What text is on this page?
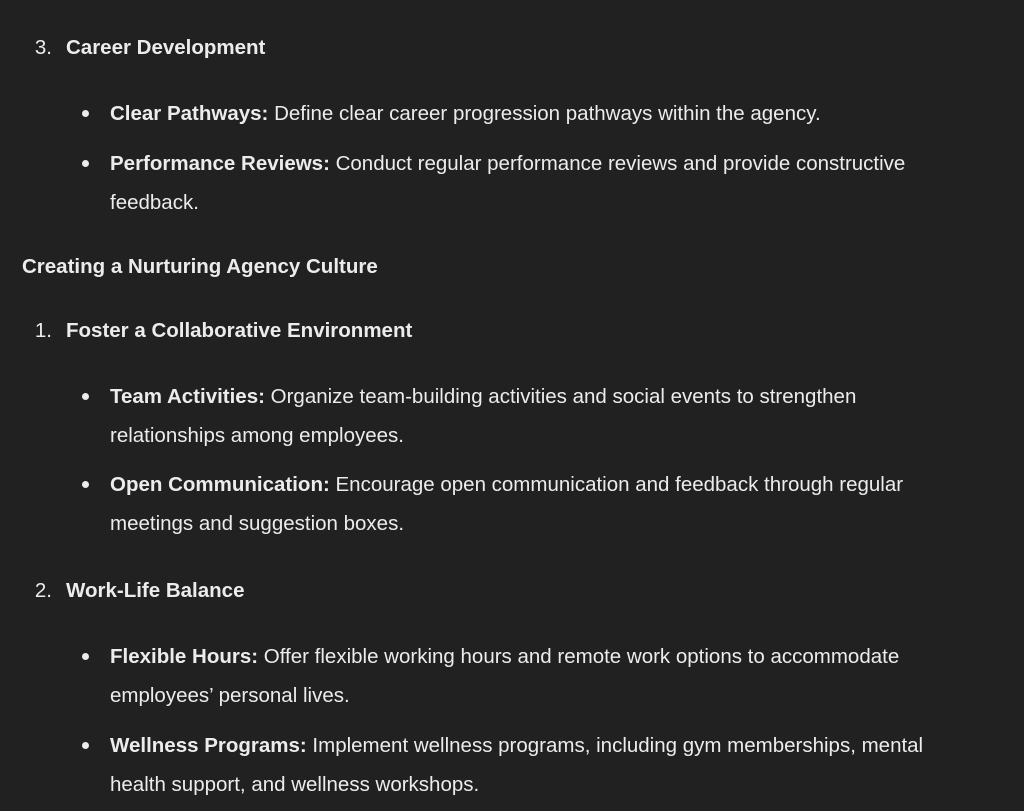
3. Career Development
Clear Pathways: Define clear career progression pathways within the agency.
Performance Reviews: Conduct regular performance reviews and provide constructive
feedback.
Creating a Nurturing Agency Culture
1. Foster a Collaborative Environment
Team Activities: Organize team-building activities and social events to strengthen
relationships among employees.
Open Communication: Encourage open communication and feedback through regular
meetings and suggestion boxes.
2. Work-Life Balance
Flexible Hours: Offer flexible working hours and remote work options to accommodate
employees’ personal lives.
Wellness Programs: Implement wellness programs, including gym memberships, mental
health support, and wellness workshops.
